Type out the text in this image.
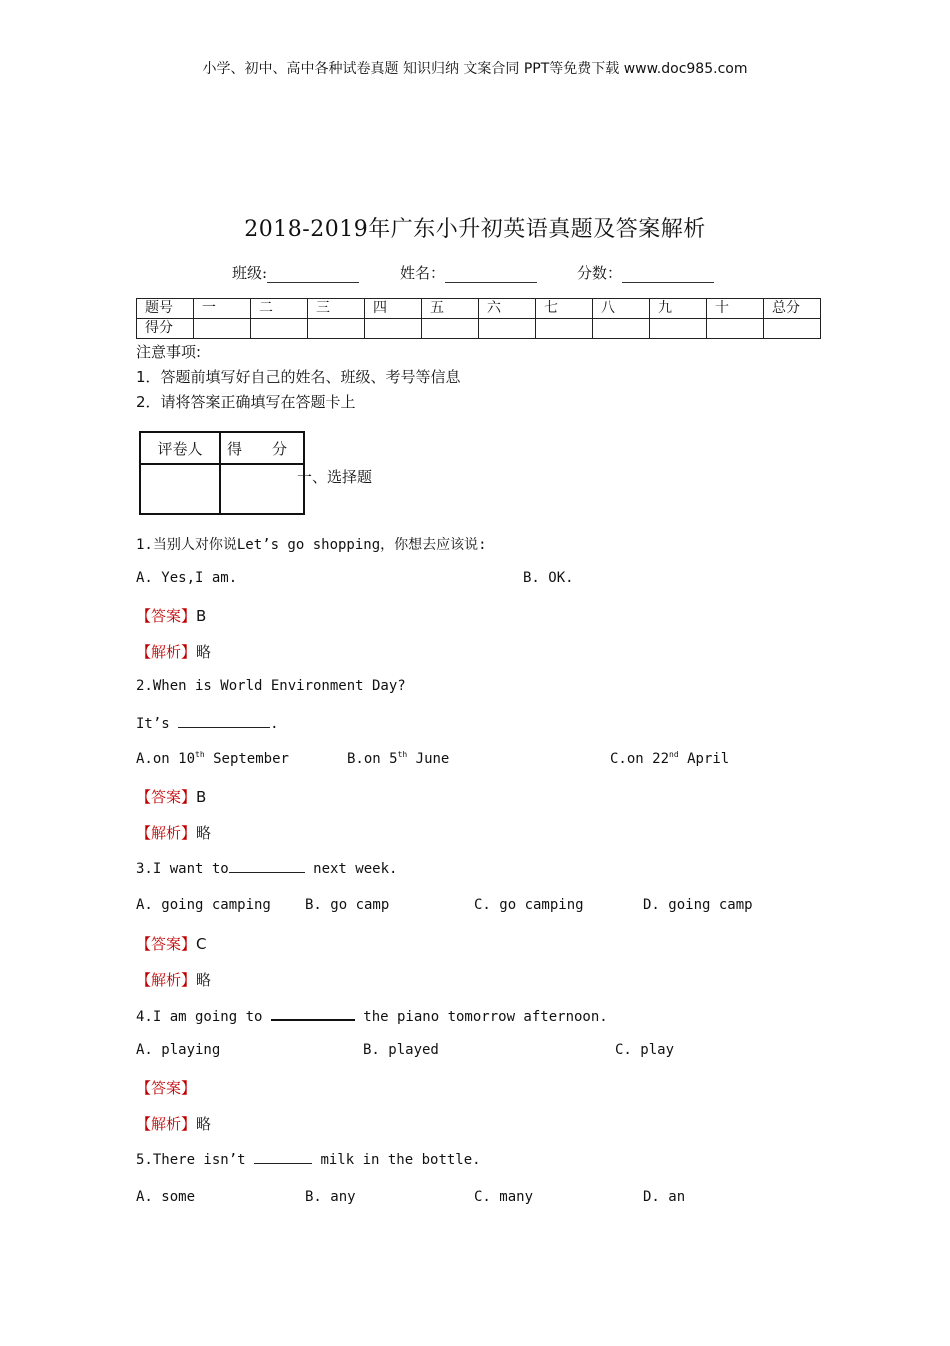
小学、初中、高中各种试卷真题 知识归纳 文案合同 PPT等免费下载 www.doc985.com
2018-2019年广东小升初英语真题及答案解析
班级:	姓名：	分数：
题号	一	二	三	四	五	六	七	八	九	十	总分
得分											
注意事项:
1．答题前填写好自己的姓名、班级、考号等信息
2．请将答案正确填写在答题卡上
评卷人	得　　分

一、选择题
1.当别人对你说Let’s go shopping，你想去应该说:
A. Yes,I am.	B. OK.
【答案】B
【解析】略
2.When is World Environment Day?
It’s	.
A.on 10th September	B.on 5th June	C.on 22nd April
【答案】B
【解析】略
3.I want to	next week.
A. going camping B. go camp	C. go camping	D. going camp
【答案】C
【解析】略
4.I am going to	the piano tomorrow afternoon.
A. playing	B. played	C. play
【答案】
【解析】略
5.There isn’t	milk in the bottle.
A. some	B. any	C. many	D. an
